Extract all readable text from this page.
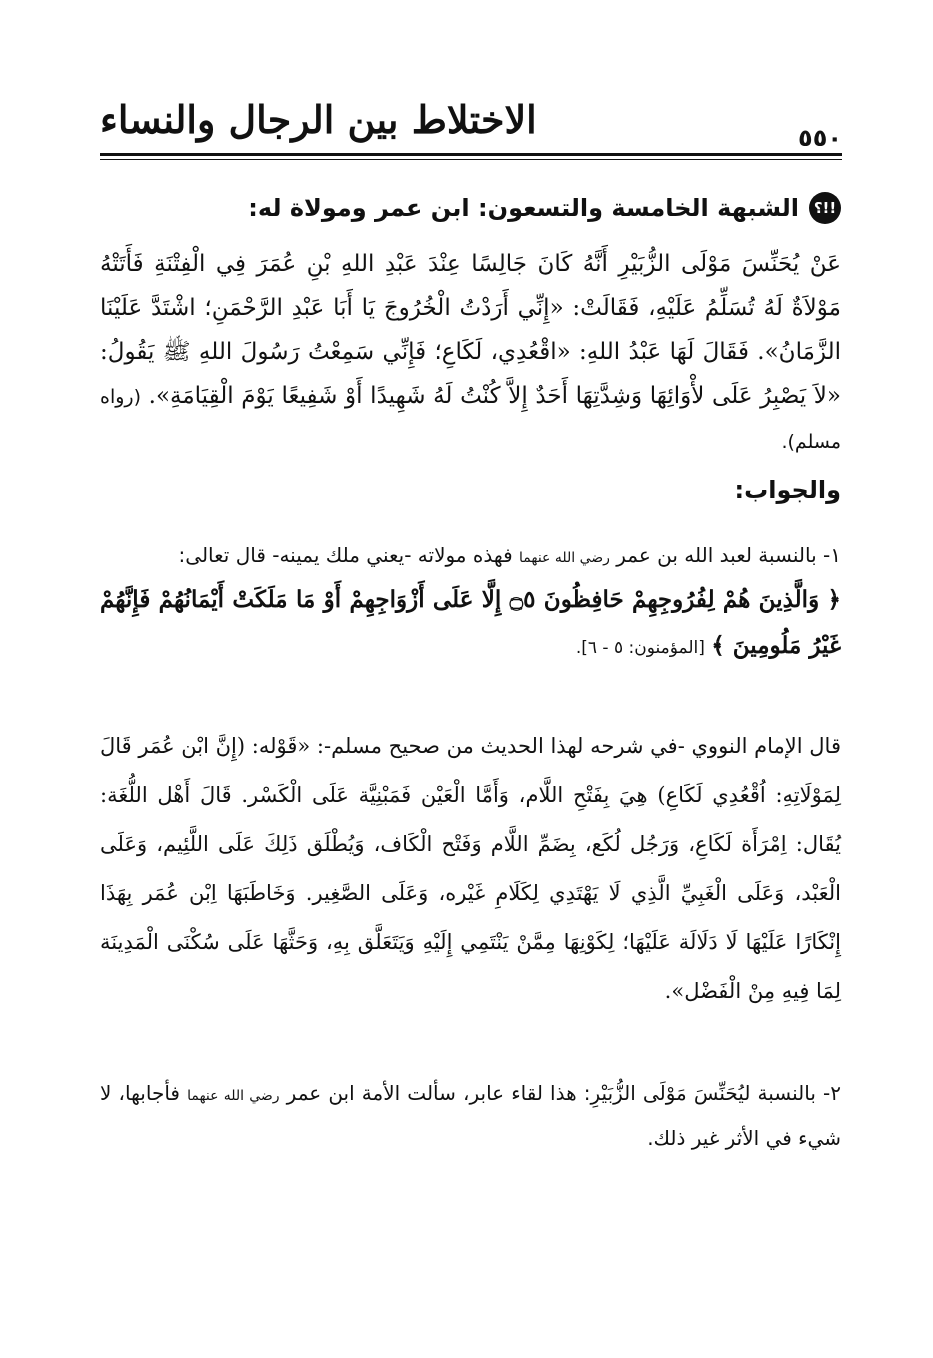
الاختلاط بين الرجال والنساء	٥٥٠
!!؟
الشبهة الخامسة والتسعون: ابن عمر ومولاة له:
عَنْ يُحَنِّسَ مَوْلَى الزُّبَيْرِ أَنَّهُ كَانَ جَالِسًا عِنْدَ عَبْدِ اللهِ بْنِ عُمَرَ فِي الْفِتْنَةِ فَأَتَتْهُ مَوْلاَةٌ لَهُ تُسَلِّمُ عَلَيْهِ، فَقَالَتْ: «إِنِّي أَرَدْتُ الْخُرُوجَ يَا أَبَا عَبْدِ الرَّحْمَنِ؛ اشْتَدَّ عَلَيْنَا الزَّمَانُ». فَقَالَ لَهَا عَبْدُ اللهِ: «اقْعُدِي، لَكَاعِ؛ فَإِنِّي سَمِعْتُ رَسُولَ اللهِ ﷺ يَقُولُ: «لاَ يَصْبِرُ عَلَى لأْوَائِهَا وَشِدَّتِهَا أَحَدٌ إِلاَّ كُنْتُ لَهُ شَهِيدًا أَوْ شَفِيعًا يَوْمَ الْقِيَامَةِ». (رواه مسلم).
والجواب:
١- بالنسبة لعبد الله بن عمر رضي الله عنهما فهذه مولاته -يعني ملك يمينه- قال تعالى:
﴿ وَالَّذِينَ هُمْ لِفُرُوجِهِمْ حَافِظُونَ ۝٥ إِلَّا عَلَى أَزْوَاجِهِمْ أَوْ مَا مَلَكَتْ أَيْمَانُهُمْ فَإِنَّهُمْ غَيْرُ مَلُومِينَ ﴾ [المؤمنون: ٥ - ٦].
قال الإمام النووي -في شرحه لهذا الحديث من صحيح مسلم-: «قَوْله: (إِنَّ ابْن عُمَر قَالَ لِمَوْلَاتِهِ: اُقْعُدِي لَكَاعِ) هِيَ بِفَتْحِ اللَّام، وَأَمَّا الْعَيْن فَمَبْنِيَّة عَلَى الْكَسْر. قَالَ أَهْل اللُّغَة: يُقَال: اِمْرَأَة لَكَاعِ، وَرَجُل لُكَع، بِضَمِّ اللَّام وَفَتْح الْكَاف، وَيُطْلَق ذَلِكَ عَلَى اللَّئِيم، وَعَلَى الْعَبْد، وَعَلَى الْغَبِيِّ الَّذِي لَا يَهْتَدِي لِكَلَامِ غَيْره، وَعَلَى الصَّغِير. وَخَاطَبَهَا اِبْن عُمَر بِهَذَا إِنْكَارًا عَلَيْهَا لَا دَلَالَة عَلَيْهَا؛ لِكَوْنِهَا مِمَّنْ يَنْتَمِي إِلَيْهِ وَيَتَعَلَّق بِهِ، وَحَثَّهَا عَلَى سُكْنَى الْمَدِينَة لِمَا فِيهِ مِنْ الْفَضْل».
٢- بالنسبة ليُحَنِّسَ مَوْلَى الزُّبَيْرِ: هذا لقاء عابر، سألت الأمة ابن عمر رضي الله عنهما فأجابها، لا شيء في الأثر غير ذلك.
